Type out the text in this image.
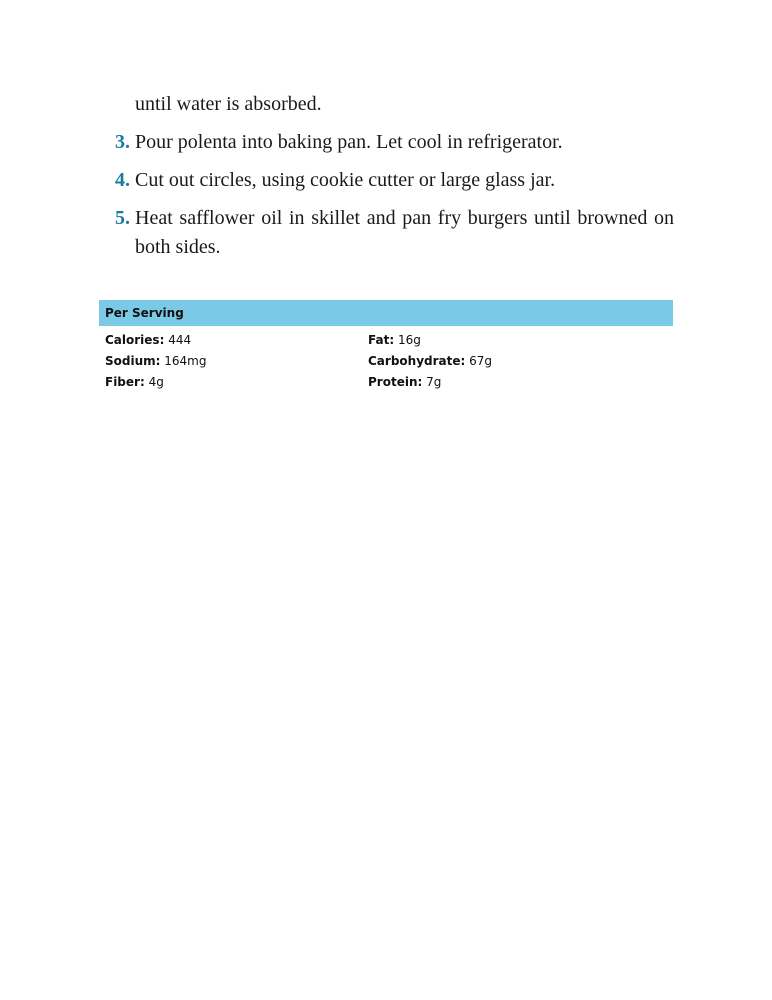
until water is absorbed.
3. Pour polenta into baking pan. Let cool in refrigerator.
4. Cut out circles, using cookie cutter or large glass jar.
5. Heat safflower oil in skillet and pan fry burgers until browned on both sides.
Per Serving
Calories: 444	Fat: 16g
Sodium: 164mg	Carbohydrate: 67g
Fiber: 4g	Protein: 7g
